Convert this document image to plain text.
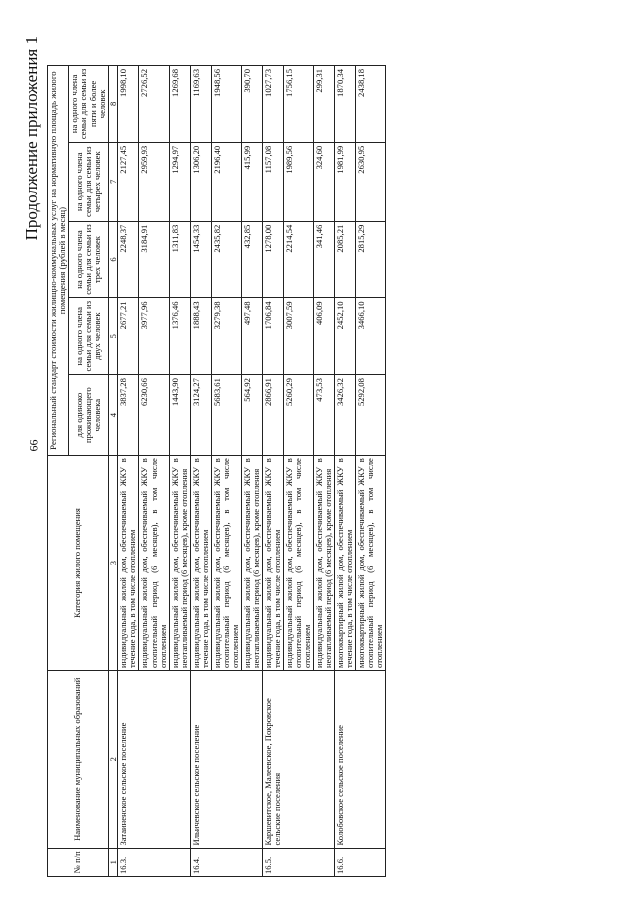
66
Продолжение приложения 1
№ п/п	Наименование муниципальных образований	Категория жилого помещения	Региональный стандарт стоимости жилищно-коммунальных услуг на нормативную площадь жилого помещения (рублей в месяц)				
			для одиноко проживающего человека	на одного члена семьи для семьи из двух человек	на одного члена семьи для семьи из трех человек	на одного члена семьи для семьи из четырех человек	на одного члена семьи для семьи из пяти и более человек

1	2	3	4	5	6	7	8
16.3.	Затаиненское сельское поселение	индивидуальный жилой дом, обеспечиваемый ЖКУ в течение года, в том числе отоплением	3837,28	2677,21	2248,37	2127,45	1998,10
		индивидуальный жилой дом, обеспечиваемый ЖКУ в отопительный период (6 месяцев), в том числе отоплением	6230,66	3977,96	3184,91	2959,93	2726,52
		индивидуальный жилой дом, обеспечиваемый ЖКУ в неотапливаемый период (6 месяцев), кроме отопления	1443,90	1376,46	1311,83	1294,97	1269,68
16.4.	Ильичевское сельское поселение	индивидуальный жилой дом, обеспечиваемый ЖКУ в течение года, в том числе отоплением	3124,27	1888,43	1454,33	1306,20	1169,63
		индивидуальный жилой дом, обеспечиваемый ЖКУ в отопительный период (6 месяцев), в том числе отоплением	5683,61	3279,38	2435,82	2196,40	1948,56
		индивидуальный жилой дом, обеспечиваемый ЖКУ в неотапливаемый период (6 месяцев), кроме отопления	564,92	497,48	432,85	415,99	390,70
16.5.	Каршевитское, Малеевское, Покровское сельские поселения	индивидуальный жилой дом, обеспечиваемый ЖКУ в течение года, в том числе отоплением	2866,91	1706,84	1278,00	1157,08	1027,73
		индивидуальный жилой дом, обеспечиваемый ЖКУ в отопительный период (6 месяцев), в том числе отоплением	5260,29	3007,59	2214,54	1989,56	1756,15
		индивидуальный жилой дом, обеспечиваемый ЖКУ в неотапливаемый период (6 месяцев), кроме отопления	473,53	406,09	341,46	324,60	299,31
16.6.	Колобовское сельское поселение	многоквартирный жилой дом, обеспечиваемый ЖКУ в течение года, в том числе отоплением	3426,32	2452,10	2085,21	1981,99	1870,34
		многоквартирный жилой дом, обеспечиваемый ЖКУ в отопительный период (6 месяцев), в том числе отоплением	5292,08	3466,10	2815,29	2630,95	2438,18
